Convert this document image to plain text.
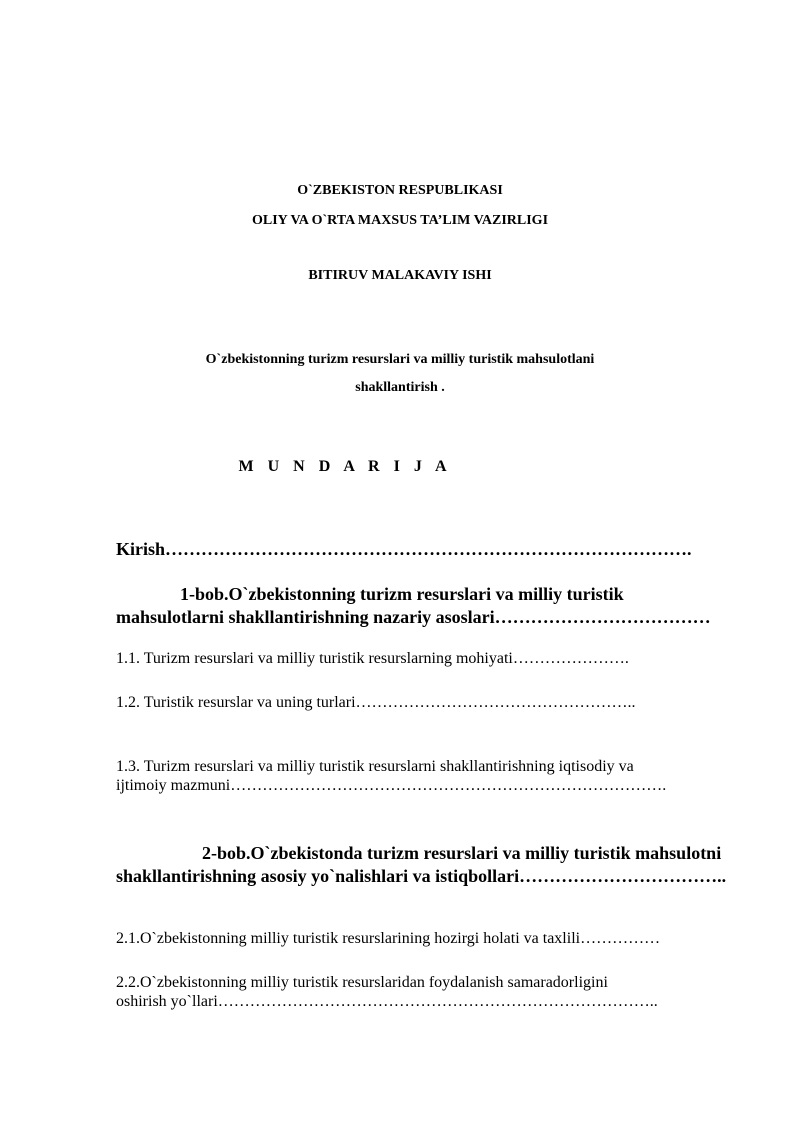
O`ZBEKISTON RESPUBLIKASI
OLIY VA O`RTA MAXSUS TA’LIM VAZIRLIGI
BITIRUV MALAKAVIY ISHI
O`zbekistonning turizm resurslari va milliy turistik mahsulotlani
shakllantirish .
M U N D A R I J A
Kirish…………………………………………………………………………….
1-bob.O`zbekistonning turizm resurslari va milliy turistik
mahsulotlarni shakllantirishning nazariy asoslari………………………………
1.1. Turizm resurslari va milliy turistik resurslarning mohiyati………………….
1.2. Turistik resurslar va uning turlari……………………………………………..
1.3. Turizm resurslari va milliy turistik resurslarni shakllantirishning iqtisodiy va
ijtimoiy mazmuni……………………………………………………………………….
2-bob.O`zbekistonda turizm resurslari va milliy turistik mahsulotni
shakllantirishning asosiy yo`nalishlari va istiqbollari……………………………..
2.1.O`zbekistonning milliy turistik resurslarining hozirgi holati va taxlili……………
2.2.O`zbekistonning milliy turistik resurslaridan foydalanish samaradorligini
oshirish yo`llari………………………………………………………………………..
